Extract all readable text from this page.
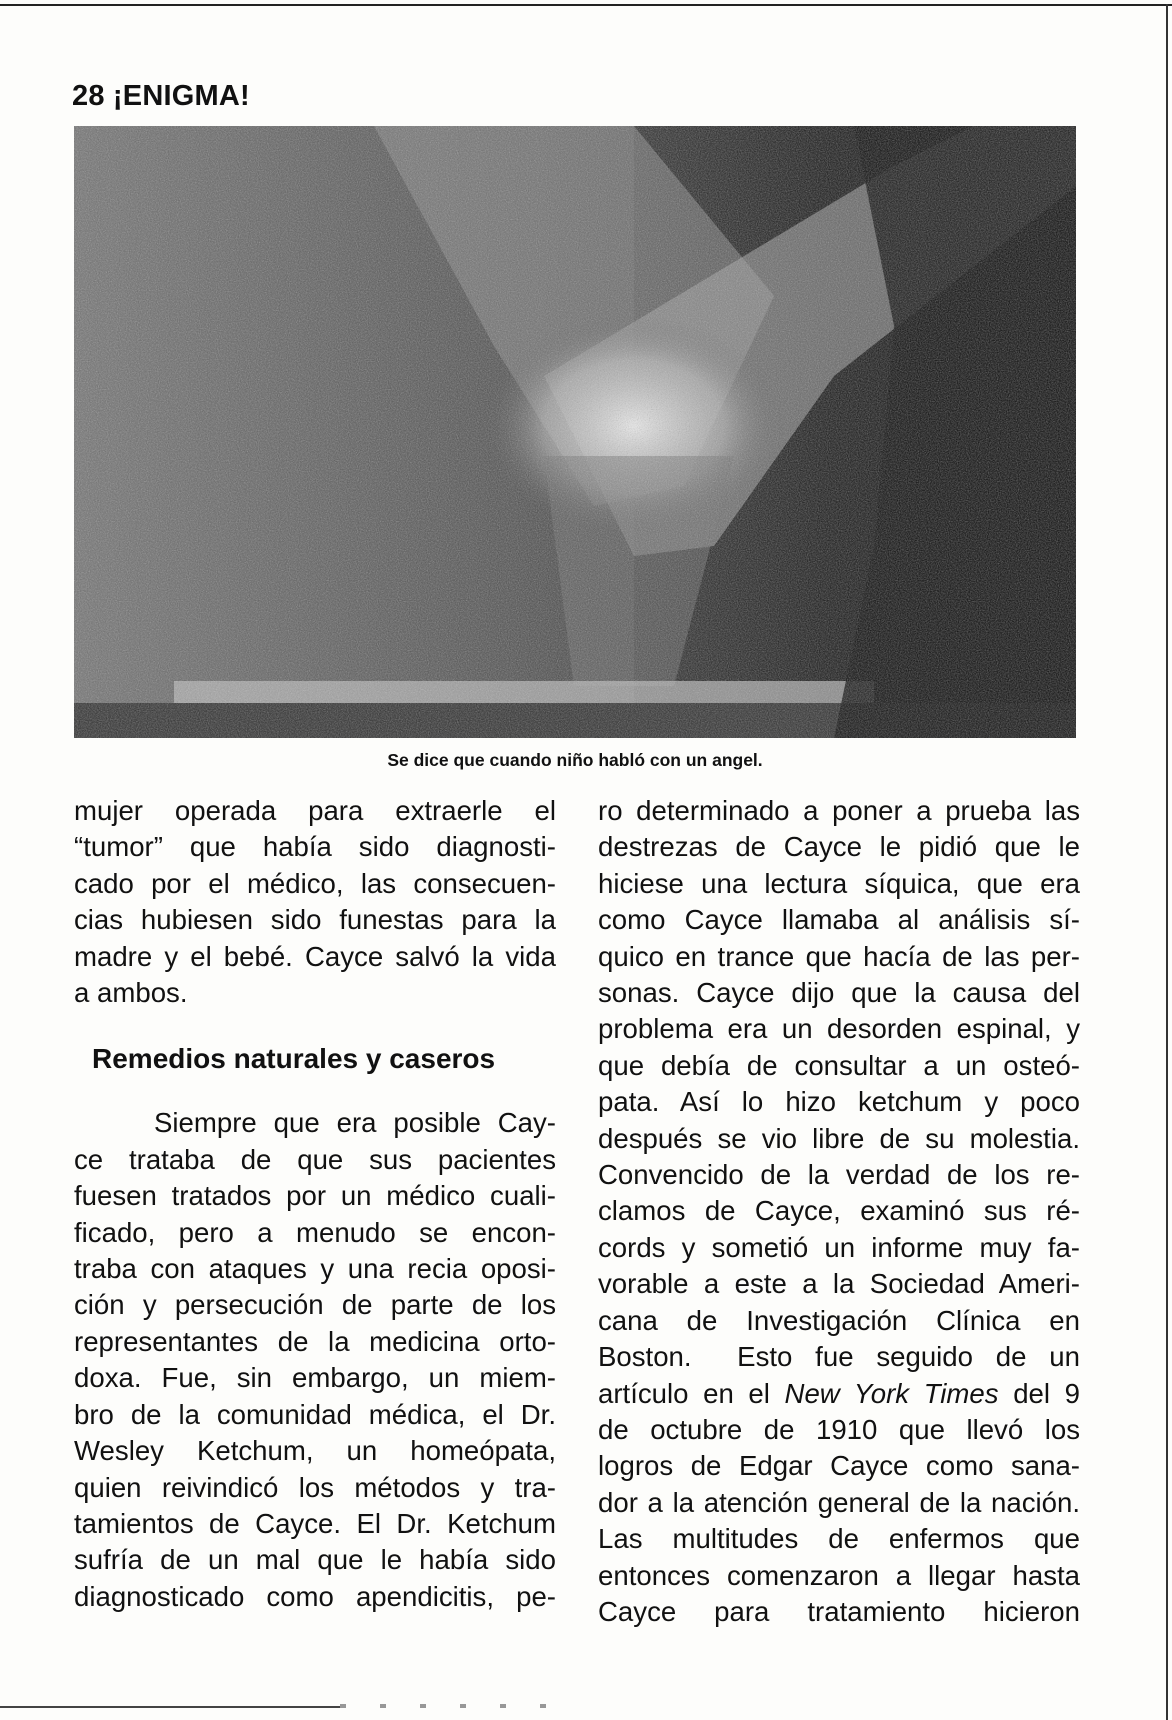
28 ¡ENIGMA!
Se dice que cuando niño habló con un angel.

mujer operada para extraerle el

“tumor” que había sido diagnosti-

cado por el médico, las consecuen-

cias hubiesen sido funestas para la

madre y el bebé. Cayce salvó la vida

a ambos.

Remedios naturales y caseros

Siempre que era posible Cay-

ce trataba de que sus pacientes

fuesen tratados por un médico cuali-

ficado, pero a menudo se encon-

traba con ataques y una recia oposi-

ción y persecución de parte de los

representantes de la medicina orto-

doxa. Fue, sin embargo, un miem-

bro de la comunidad médica, el Dr.

Wesley Ketchum, un homeópata,

quien reivindicó los métodos y tra-

tamientos de Cayce. El Dr. Ketchum

sufría de un mal que le había sido

diagnosticado como apendicitis, pe-

ro determinado a poner a prueba las

destrezas de Cayce le pidió que le

hiciese una lectura síquica, que era

como Cayce llamaba al análisis sí-

quico en trance que hacía de las per-

sonas. Cayce dijo que la causa del

problema era un desorden espinal, y

que debía de consultar a un osteó-

pata. Así lo hizo ketchum y poco

después se vio libre de su molestia.

Convencido de la verdad de los re-

clamos de Cayce, examinó sus ré-

cords y sometió un informe muy fa-

vorable a este a la Sociedad Ameri-

cana de Investigación Clínica en

Boston.  Esto fue seguido de un

artículo en el New York Times del 9

de octubre de 1910 que llevó los

logros de Edgar Cayce como sana-

dor a la atención general de la nación.

Las multitudes de enfermos que

entonces comenzaron a llegar hasta

Cayce para tratamiento hicieron
